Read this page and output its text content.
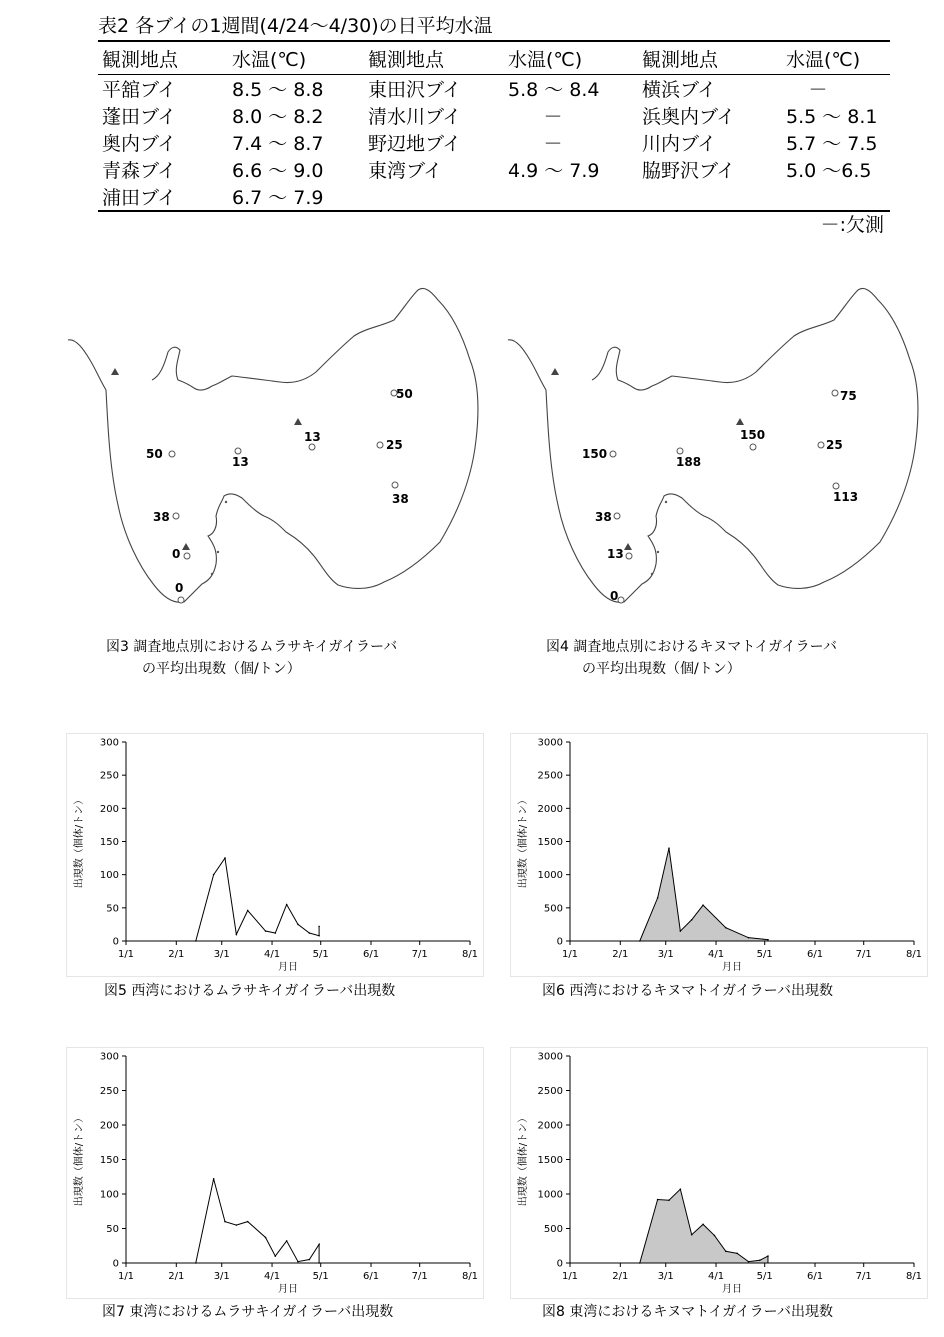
表2 各ブイの1週間(4/24～4/30)の日平均水温
観測地点	水温(℃)	観測地点	水温(℃)	観測地点	水温(℃)
平舘ブイ	8.5 ～ 8.8	東田沢ブイ	5.8 ～ 8.4	横浜ブイ	－
蓬田ブイ	8.0 ～ 8.2	清水川ブイ	－	浜奥内ブイ	5.5 ～ 8.1
奥内ブイ	7.4 ～ 8.7	野辺地ブイ	－	川内ブイ	5.7 ～ 7.5
青森ブイ	6.6 ～ 9.0	東湾ブイ	4.9 ～ 7.9	脇野沢ブイ	5.0 ～6.5
浦田ブイ	6.7 ～ 7.9				
－:欠測
50
13
13
50
25
38
38
0
0
図3 調査地点別におけるムラサキイガイラーバ
の平均出現数（個/トン）
150
188
150
75
25
113
38
13
0
図4 調査地点別におけるキヌマトイガイラーバ
の平均出現数（個/トン）
0
50
100
150
200
250
300
1/1	2/1	3/1	4/1	5/1	6/1	7/1	8/1
月日
出現数（個体/トン）
図5 西湾におけるムラサキイガイラーバ出現数
0
500
1000
1500
2000
2500
3000
1/1	2/1	3/1	4/1	5/1	6/1	7/1	8/1
月日
出現数（個体/トン）
図6 西湾におけるキヌマトイガイラーバ出現数
0
50
100
150
200
250
300
1/1	2/1	3/1	4/1	5/1	6/1	7/1	8/1
月日
出現数（個体/トン）
図7 東湾におけるムラサキイガイラーバ出現数
0
500
1000
1500
2000
2500
3000
1/1	2/1	3/1	4/1	5/1	6/1	7/1	8/1
月日
出現数（個体/トン）
図8 東湾におけるキヌマトイガイラーバ出現数
